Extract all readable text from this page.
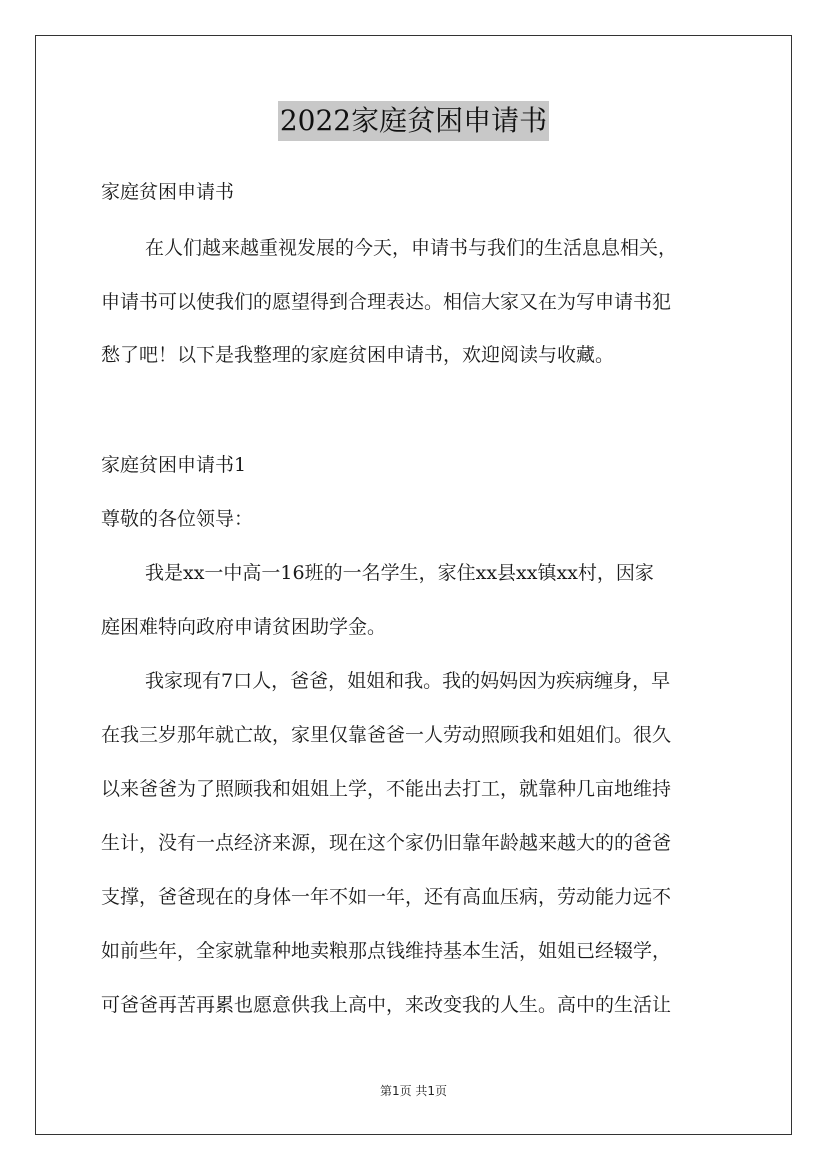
2022家庭贫困申请书
家庭贫困申请书
在人们越来越重视发展的今天，申请书与我们的生活息息相关，
申请书可以使我们的愿望得到合理表达。相信大家又在为写申请书犯
愁了吧！以下是我整理的家庭贫困申请书，欢迎阅读与收藏。
家庭贫困申请书1
尊敬的各位领导：
我是xx一中高一16班的一名学生，家住xx县xx镇xx村，因家
庭困难特向政府申请贫困助学金。
我家现有7口人，爸爸，姐姐和我。我的妈妈因为疾病缠身，早
在我三岁那年就亡故，家里仅靠爸爸一人劳动照顾我和姐姐们。很久
以来爸爸为了照顾我和姐姐上学，不能出去打工，就靠种几亩地维持
生计，没有一点经济来源，现在这个家仍旧靠年龄越来越大的的爸爸
支撑，爸爸现在的身体一年不如一年，还有高血压病，劳动能力远不
如前些年，全家就靠种地卖粮那点钱维持基本生活，姐姐已经辍学，
可爸爸再苦再累也愿意供我上高中，来改变我的人生。高中的生活让
第1页 共1页
